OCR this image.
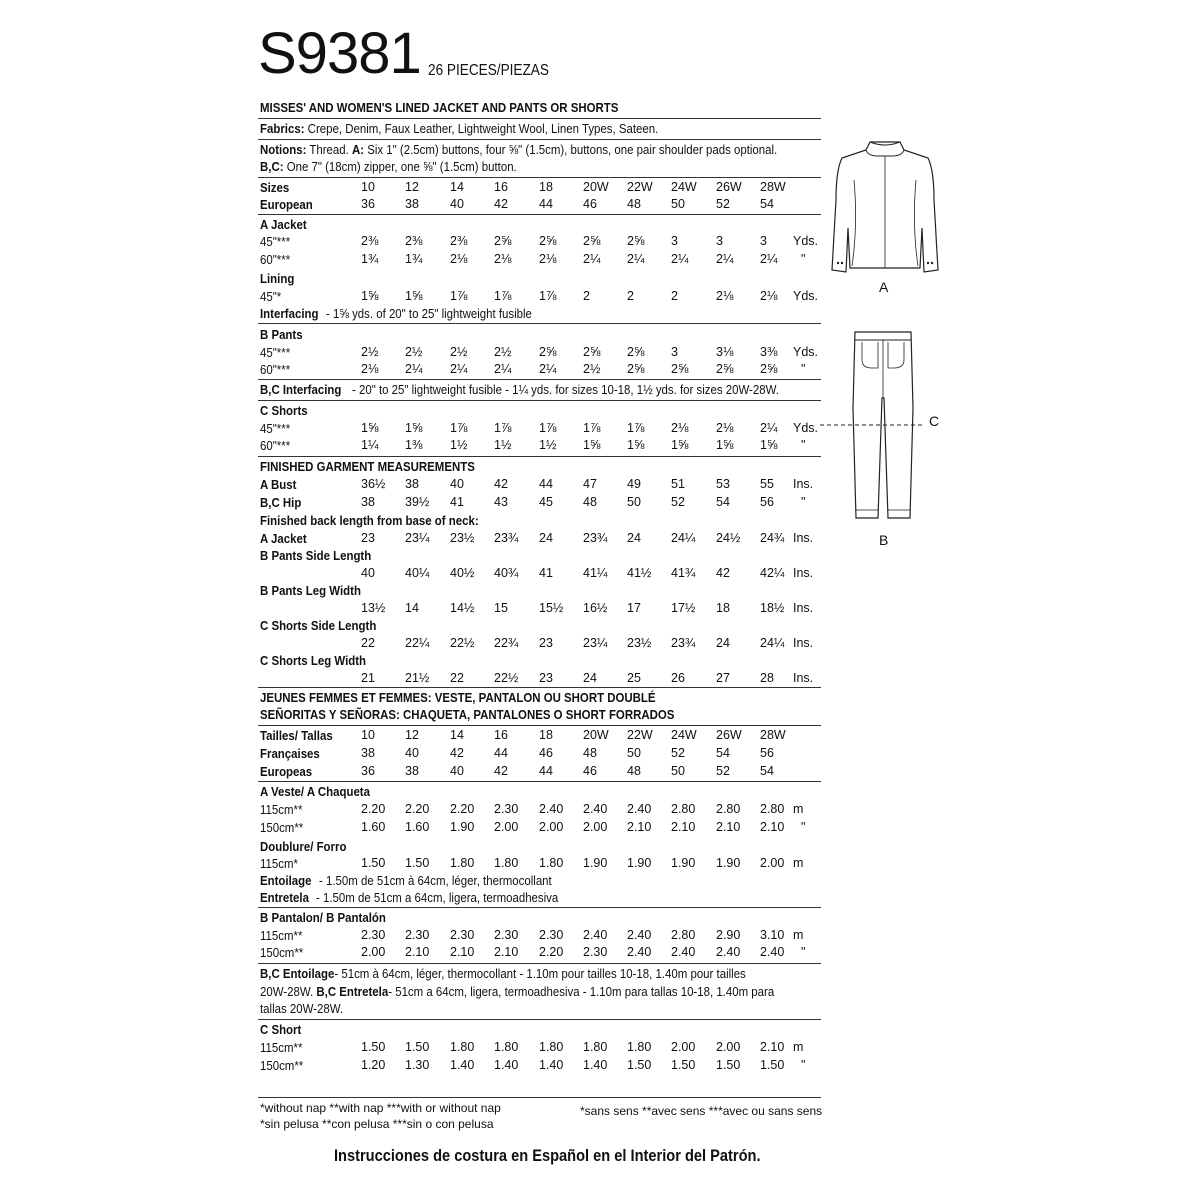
S9381 26 PIECES/PIEZAS
MISSES' AND WOMEN'S LINED JACKET AND PANTS OR SHORTS
Fabrics: Crepe, Denim, Faux Leather, Lightweight Wool, Linen Types, Sateen.
Notions: Thread. A: Six 1" (2.5cm) buttons, four ⅝" (1.5cm), buttons, one pair shoulder pads optional.
B,C: One 7" (18cm) zipper, one ⅝" (1.5cm) button.
Sizes	10 12 14 16 18 20W 22W 24W 26W 28W
European	36 38 40 42 44 46 48 50 52 54
A Jacket
45"***	2⅜ 2⅜ 2⅜ 2⅝ 2⅝ 2⅝ 2⅝ 3	3	3 Yds.
60"***	1¾ 1¾ 2⅛ 2⅛ 2⅛ 2¼ 2¼ 2¼ 2¼ 2¼ "
Lining
45"*	1⅝ 1⅝ 1⅞ 1⅞ 1⅞ 2	2	2	2⅛ 2⅛ Yds.
Interfacing - 1⅝ yds. of 20" to 25" lightweight fusible
B Pants
45"***	2½ 2½ 2½ 2½ 2⅝ 2⅝ 2⅝ 3	3⅛ 3⅜ Yds.
60"***	2⅛ 2¼ 2¼ 2¼ 2¼ 2½ 2⅝ 2⅝ 2⅝ 2⅝ "
B,C Interfacing - 20" to 25" lightweight fusible - 1¼ yds. for sizes 10-18, 1½ yds. for sizes 20W-28W.
C Shorts
45"***	1⅝ 1⅝ 1⅞ 1⅞ 1⅞ 1⅞ 1⅞ 2⅛ 2⅛ 2¼ Yds.
60"***	1¼ 1⅜ 1½ 1½ 1½ 1⅝ 1⅝ 1⅝ 1⅝ 1⅝ "
FINISHED GARMENT MEASUREMENTS
A Bust	36½ 38 40 42 44 47 49 51 53 55 Ins.
B,C Hip	38 39½ 41 43 45 48 50 52 54 56 "
Finished back length from base of neck:
A Jacket	23 23¼ 23½ 23¾ 24 23¾ 24 24¼ 24½ 24¾ Ins.
B Pants Side Length
40 40¼ 40½ 40¾ 41 41¼ 41½ 41¾ 42 42¼ Ins.
B Pants Leg Width
13½ 14 14½ 15 15½ 16½ 17 17½ 18 18½ Ins.
C Shorts Side Length
22 22¼ 22½ 22¾ 23 23¼ 23½ 23¾ 24 24¼ Ins.
C Shorts Leg Width
21 21½ 22 22½ 23 24 25 26 27 28 Ins.
JEUNES FEMMES ET FEMMES: VESTE, PANTALON OU SHORT DOUBLÉ
SEÑORITAS Y SEÑORAS: CHAQUETA, PANTALONES O SHORT FORRADOS
Tailles/ Tallas	10 12 14 16 18 20W 22W 24W 26W 28W
Françaises	38 40 42 44 46 48 50 52 54 56
Europeas	36 38 40 42 44 46 48 50 52 54
A Veste/ A Chaqueta
115cm**	2.20 2.20 2.20 2.30 2.40 2.40 2.40 2.80 2.80 2.80 m
150cm**	1.60 1.60 1.90 2.00 2.00 2.00 2.10 2.10 2.10 2.10 "
Doublure/ Forro
115cm*	1.50 1.50 1.80 1.80 1.80 1.90 1.90 1.90 1.90 2.00 m
Entoilage - 1.50m de 51cm à 64cm, léger, thermocollant
Entretela - 1.50m de 51cm a 64cm, ligera, termoadhesiva
B Pantalon/ B Pantalón
115cm**	2.30 2.30 2.30 2.30 2.30 2.40 2.40 2.80 2.90 3.10 m
150cm**	2.00 2.10 2.10 2.10 2.20 2.30 2.40 2.40 2.40 2.40 "
B,C Entoilage- 51cm à 64cm, léger, thermocollant - 1.10m pour tailles 10-18, 1.40m pour tailles
20W-28W. B,C Entretela- 51cm a 64cm, ligera, termoadhesiva - 1.10m para tallas 10-18, 1.40m para
tallas 20W-28W.
C Short
115cm**	1.50 1.50 1.80 1.80 1.80 1.80 1.80 2.00 2.00 2.10 m
150cm**	1.20 1.30 1.40 1.40 1.40 1.40 1.50 1.50 1.50 1.50 "
*without nap **with nap ***with or without nap
*sin pelusa **con pelusa ***sin o con pelusa
*sans sens **avec sens ***avec ou sans sens
Instrucciones de costura en Español en el Interior del Patrón.
A
C
B
